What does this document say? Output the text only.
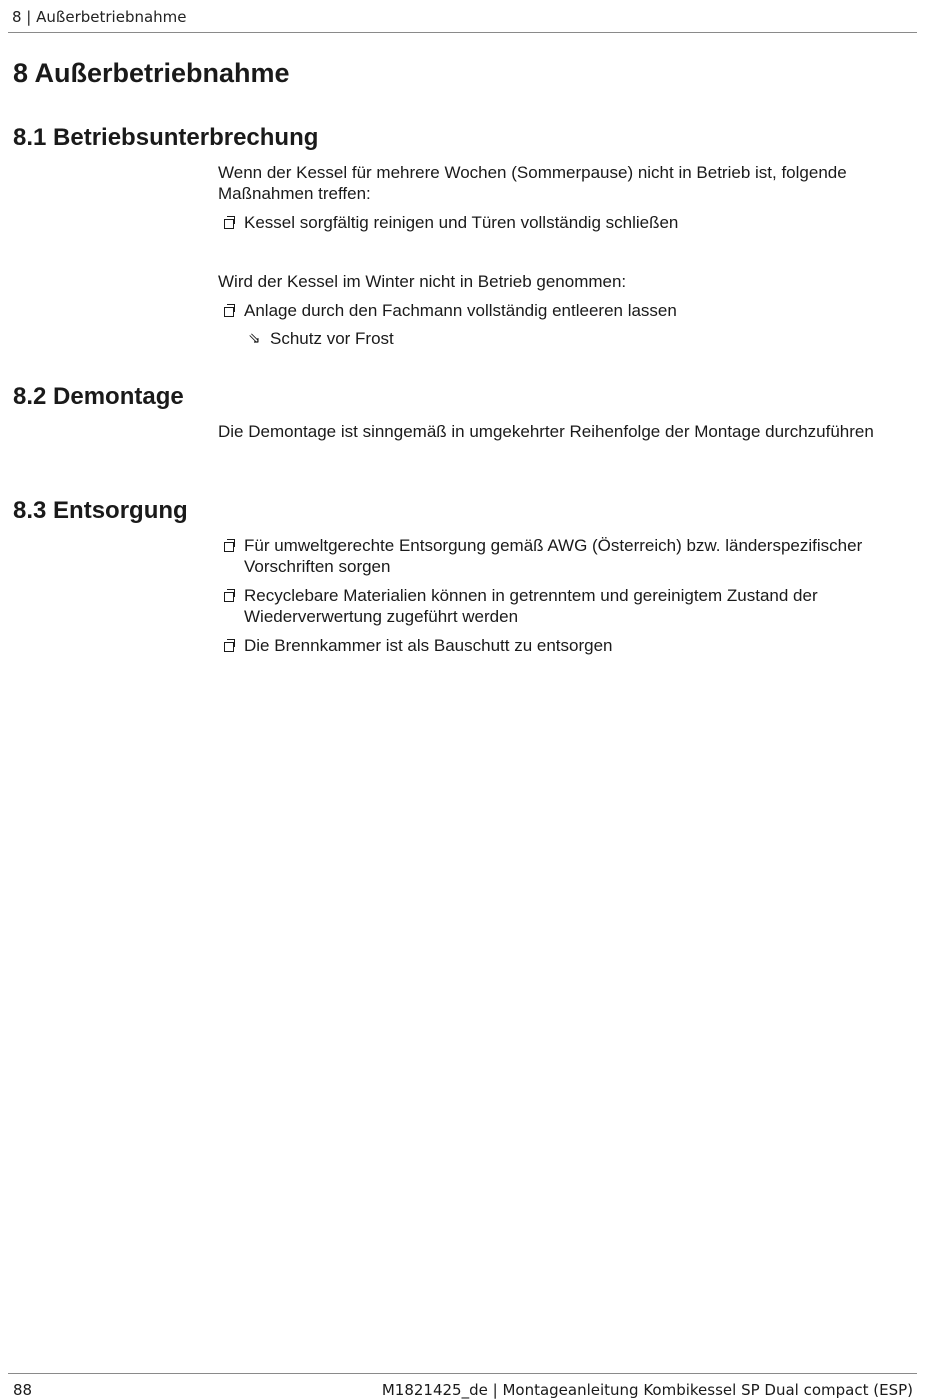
8 | Außerbetriebnahme
8 Außerbetriebnahme
8.1 Betriebsunterbrechung

Wenn der Kessel für mehrere Wochen (Sommerpause) nicht in Betrieb ist, folgende Maßnahmen treffen:

Kessel sorgfältig reinigen und Türen vollständig schließen

Wird der Kessel im Winter nicht in Betrieb genommen:

Anlage durch den Fachmann vollständig entleeren lassen

⇘ Schutz vor Frost

8.2 Demontage

Die Demontage ist sinngemäß in umgekehrter Reihenfolge der Montage durchzuführen

8.3 Entsorgung

Für umweltgerechte Entsorgung gemäß AWG (Österreich) bzw. länderspezifischer Vorschriften sorgen

Recyclebare Materialien können in getrenntem und gereinigtem Zustand der Wiederverwertung zugeführt werden

Die Brennkammer ist als Bauschutt zu entsorgen

88	M1821425_de | Montageanleitung Kombikessel SP Dual compact (ESP)
